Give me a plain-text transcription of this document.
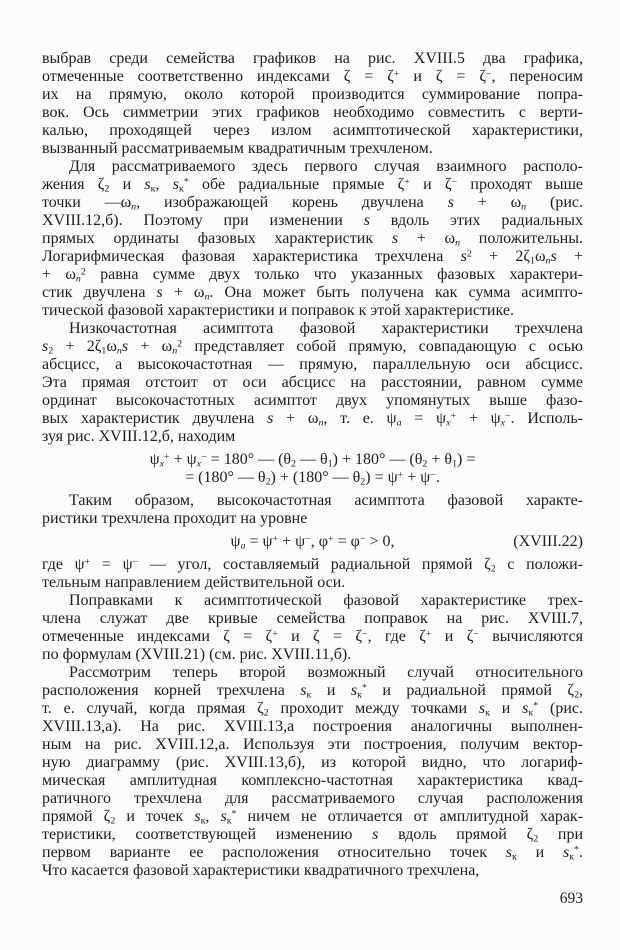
выбрав среди семейства графиков на рис. XVIII.5 два графика,
отмеченные соответственно индексами ζ = ζ+ и ζ = ζ−, переносим
их на прямую, около которой производится суммирование попра-
вок. Ось симметрии этих графиков необходимо совместить с верти-
калью, проходящей через излом асимптотической характеристики,
вызванный рассматриваемым квадратичным трехчленом.
Для рассматриваемого здесь первого случая взаимного располо-
жения $\zeta_2$ и $s_к$, $s_к^*$ обе радиальные прямые ζ+ и ζ− проходят выше
точки $—\omega_n$, изображающей корень двучлена $s + \omega_n$ (рис.
XVIII.12,б). Поэтому при изменении s вдоль этих радиальных
прямых ординаты фазовых характеристик $s + \omega_n$ положительны.
Логарифмическая фазовая характеристика трехчлена $s^2 + 2\zeta_1\omega_ns$ +
+ $\omega_n^2$ равна сумме двух только что указанных фазовых характери-
стик двучлена $s + \omega_n$. Она может быть получена как сумма асимпто-
тической фазовой характеристики и поправок к этой характеристике.
Низкочастотная асимптота фазовой характеристики трехчлена
$s_2 + 2\zeta_1\omega_ns + \omega_n^2$ представляет собой прямую, совпадающую с осью
абсцисс, а высокочастотная — прямую, параллельную оси абсцисс.
Эта прямая отстоит от оси абсцисс на расстоянии, равном сумме
ординат высокочастотных асимптот двух упомянутых выше фазо-
вых характеристик двучлена $s + \omega_n$, т. е. $\psi_a = \psi_x^+ + \psi_x^-$. Исполь-
зуя рис. XVIII.12,б, находим
$\psi_x^+ + \psi_x^- = 180^\circ$ — ($\theta_2$ — $\theta_1) + 180^\circ$ — $(\theta_2 + \theta_1)$ =
= (180° — $\theta_2) + (180^\circ$ — $\theta_2) = \psi^+ + \psi^-$.
Таким образом, высокочастотная асимптота фазовой характе-
ристики трехчлена проходит на уровне
$\psi_a = \psi^+ + \psi^-$, φ+ = φ− > 0,	(XVIII.22)
где ψ+ = ψ− — угол, составляемый радиальной прямой $\zeta_2$ с положи-
тельным направлением действительной оси.
Поправками к асимптотической фазовой характеристике трех-
члена служат две кривые семейства поправок на рис. XVIII.7,
отмеченные индексами ζ = ζ+ и ζ = ζ−, где ζ+ и ζ− вычисляются
по формулам (XVIII.21) (см. рис. XVIII.11,б).
Рассмотрим теперь второй возможный случай относительного
расположения корней трехчлена $s_к$ и $s_к^*$ и радиальной прямой $\zeta_2$,
т. е. случай, когда прямая $\zeta_2$ проходит между точками $s_к$ и $s_к^*$ (рис.
XVIII.13,а). На рис. XVIII.13,а построения аналогичны выполнен-
ным на рис. XVIII.12,а. Используя эти построения, получим вектор-
ную диаграмму (рис. XVIII.13,б), из которой видно, что логариф-
мическая амплитудная комплексно-частотная характеристика квад-
ратичного трехчлена для рассматриваемого случая расположения
прямой $\zeta_2$ и точек $s_к$, $s_к^*$ ничем не отличается от амплитудной харак-
теристики, соответствующей изменению s вдоль прямой $\zeta_2$ при
первом варианте ее расположения относительно точек $s_к$ и $s_к^*$.
Что касается фазовой характеристики квадратичного трехчлена,
693
